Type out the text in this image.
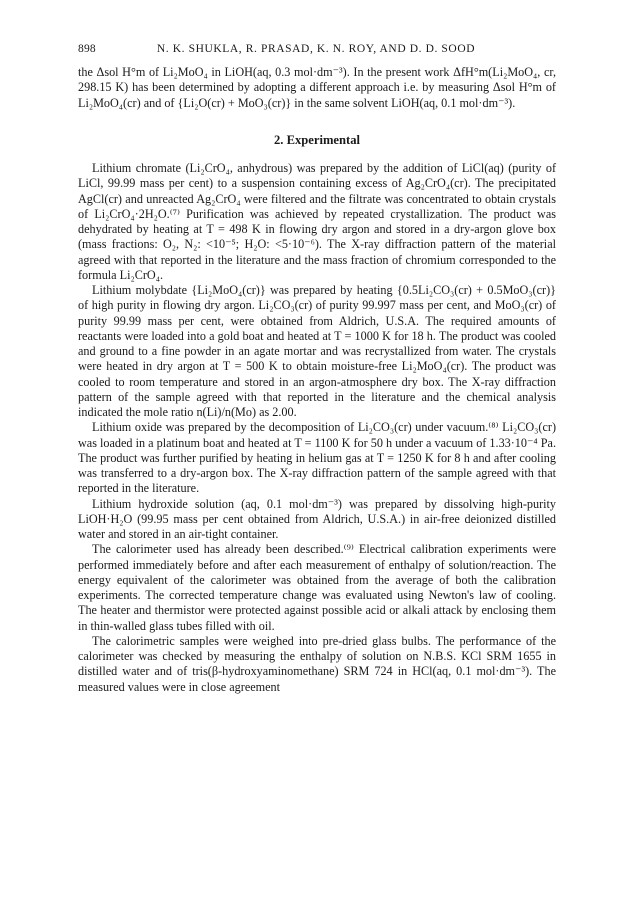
898	N. K. SHUKLA, R. PRASAD, K. N. ROY, AND D. D. SOOD

the Δsol H°m of Li₂MoO₄ in LiOH(aq, 0.3 mol·dm⁻³). In the present work ΔfH°m(Li₂MoO₄, cr, 298.15 K) has been determined by adopting a different approach i.e. by measuring Δsol H°m of Li₂MoO₄(cr) and of {Li₂O(cr) + MoO₃(cr)} in the same solvent LiOH(aq, 0.1 mol·dm⁻³).

2. Experimental

Lithium chromate (Li₂CrO₄, anhydrous) was prepared by the addition of LiCl(aq) (purity of LiCl, 99.99 mass per cent) to a suspension containing excess of Ag₂CrO₄(cr). The precipitated AgCl(cr) and unreacted Ag₂CrO₄ were filtered and the filtrate was concentrated to obtain crystals of Li₂CrO₄·2H₂O.⁽⁷⁾ Purification was achieved by repeated crystallization. The product was dehydrated by heating at T = 498 K in flowing dry argon and stored in a dry-argon glove box (mass fractions: O₂, N₂: <10⁻⁵; H₂O: <5·10⁻⁶). The X-ray diffraction pattern of the material agreed with that reported in the literature and the mass fraction of chromium corresponded to the formula Li₂CrO₄.

Lithium molybdate {Li₂MoO₄(cr)} was prepared by heating {0.5Li₂CO₃(cr) + 0.5MoO₃(cr)} of high purity in flowing dry argon. Li₂CO₃(cr) of purity 99.997 mass per cent, and MoO₃(cr) of purity 99.99 mass per cent, were obtained from Aldrich, U.S.A. The required amounts of reactants were loaded into a gold boat and heated at T = 1000 K for 18 h. The product was cooled and ground to a fine powder in an agate mortar and was recrystallized from water. The crystals were heated in dry argon at T = 500 K to obtain moisture-free Li₂MoO₄(cr). The product was cooled to room temperature and stored in an argon-atmosphere dry box. The X-ray diffraction pattern of the sample agreed with that reported in the literature and the chemical analysis indicated the mole ratio n(Li)/n(Mo) as 2.00.

Lithium oxide was prepared by the decomposition of Li₂CO₃(cr) under vacuum.⁽⁸⁾ Li₂CO₃(cr) was loaded in a platinum boat and heated at T = 1100 K for 50 h under a vacuum of 1.33·10⁻⁴ Pa. The product was further purified by heating in helium gas at T = 1250 K for 8 h and after cooling was transferred to a dry-argon box. The X-ray diffraction pattern of the sample agreed with that reported in the literature.

Lithium hydroxide solution (aq, 0.1 mol·dm⁻³) was prepared by dissolving high-purity LiOH·H₂O (99.95 mass per cent obtained from Aldrich, U.S.A.) in air-free deionized distilled water and stored in an air-tight container.

The calorimeter used has already been described.⁽⁹⁾ Electrical calibration experiments were performed immediately before and after each measurement of enthalpy of solution/reaction. The energy equivalent of the calorimeter was obtained from the average of both the calibration experiments. The corrected temperature change was evaluated using Newton's law of cooling. The heater and thermistor were protected against possible acid or alkali attack by enclosing them in thin-walled glass tubes filled with oil.

The calorimetric samples were weighed into pre-dried glass bulbs. The performance of the calorimeter was checked by measuring the enthalpy of solution on N.B.S. KCl SRM 1655 in distilled water and of tris(β-hydroxyaminomethane) SRM 724 in HCl(aq, 0.1 mol·dm⁻³). The measured values were in close agreement
